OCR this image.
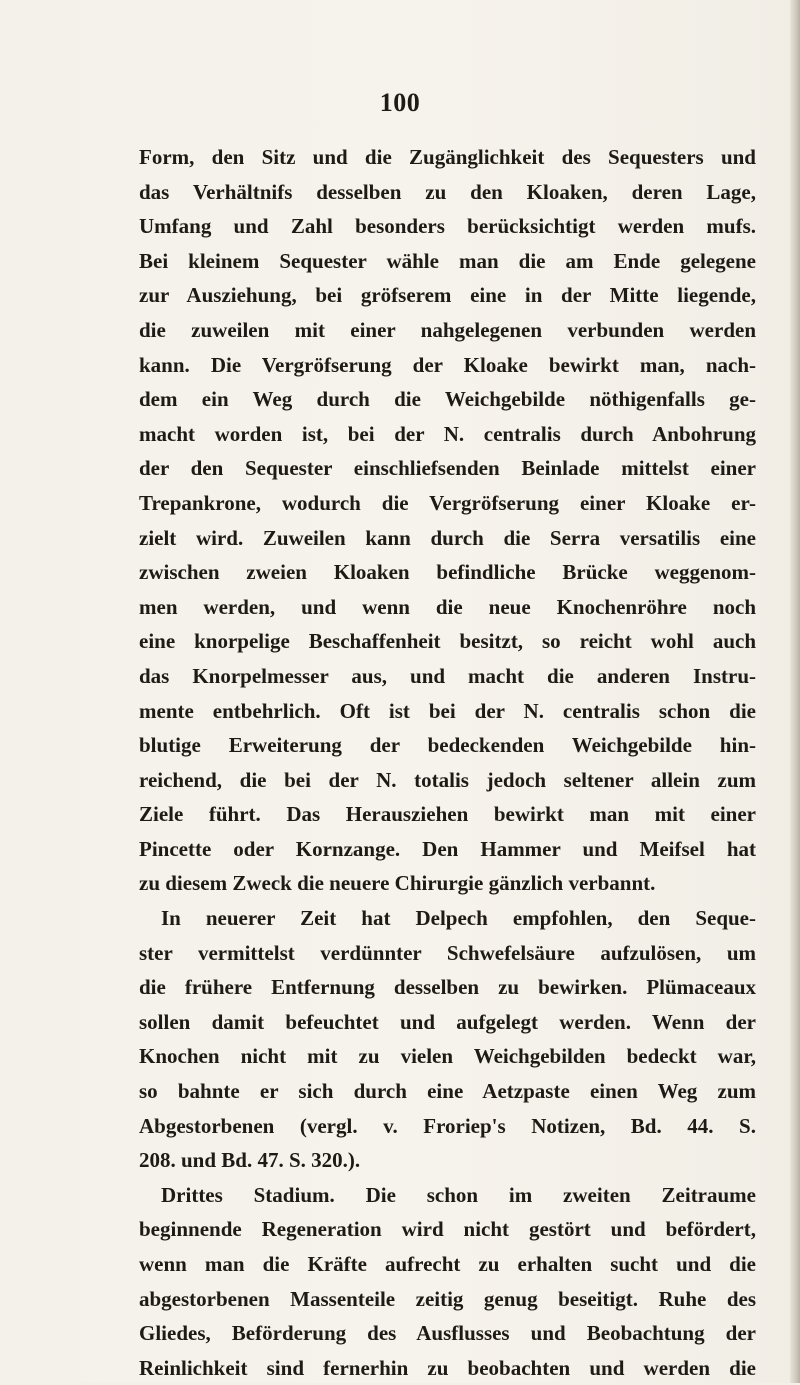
100
Form, den Sitz und die Zugänglichkeit des Sequesters und
das Verhältnifs desselben zu den Kloaken, deren Lage,
Umfang und Zahl besonders berücksichtigt werden mufs.
Bei kleinem Sequester wähle man die am Ende gelegene
zur Ausziehung, bei gröfserem eine in der Mitte liegende,
die zuweilen mit einer nahgelegenen verbunden werden
kann. Die Vergröfserung der Kloake bewirkt man, nach-
dem ein Weg durch die Weichgebilde nöthigenfalls ge-
macht worden ist, bei der N. centralis durch Anbohrung
der den Sequester einschliefsenden Beinlade mittelst einer
Trepankrone, wodurch die Vergröfserung einer Kloake er-
zielt wird. Zuweilen kann durch die Serra versatilis eine
zwischen zweien Kloaken befindliche Brücke weggenom-
men werden, und wenn die neue Knochenröhre noch
eine knorpelige Beschaffenheit besitzt, so reicht wohl auch
das Knorpelmesser aus, und macht die anderen Instru-
mente entbehrlich. Oft ist bei der N. centralis schon die
blutige Erweiterung der bedeckenden Weichgebilde hin-
reichend, die bei der N. totalis jedoch seltener allein zum
Ziele führt. Das Herausziehen bewirkt man mit einer
Pincette oder Kornzange. Den Hammer und Meifsel hat
zu diesem Zweck die neuere Chirurgie gänzlich verbannt.
In neuerer Zeit hat Delpech empfohlen, den Seque-
ster vermittelst verdünnter Schwefelsäure aufzulösen, um
die frühere Entfernung desselben zu bewirken. Plümaceaux
sollen damit befeuchtet und aufgelegt werden. Wenn der
Knochen nicht mit zu vielen Weichgebilden bedeckt war,
so bahnte er sich durch eine Aetzpaste einen Weg zum
Abgestorbenen (vergl. v. Froriep's Notizen, Bd. 44. S.
208. und Bd. 47. S. 320.).
Drittes Stadium. Die schon im zweiten Zeitraume
beginnende Regeneration wird nicht gestört und befördert,
wenn man die Kräfte aufrecht zu erhalten sucht und die
abgestorbenen Massenteile zeitig genug beseitigt. Ruhe des
Gliedes, Beförderung des Ausflusses und Beobachtung der
Reinlichkeit sind fernerhin zu beobachten und werden die
